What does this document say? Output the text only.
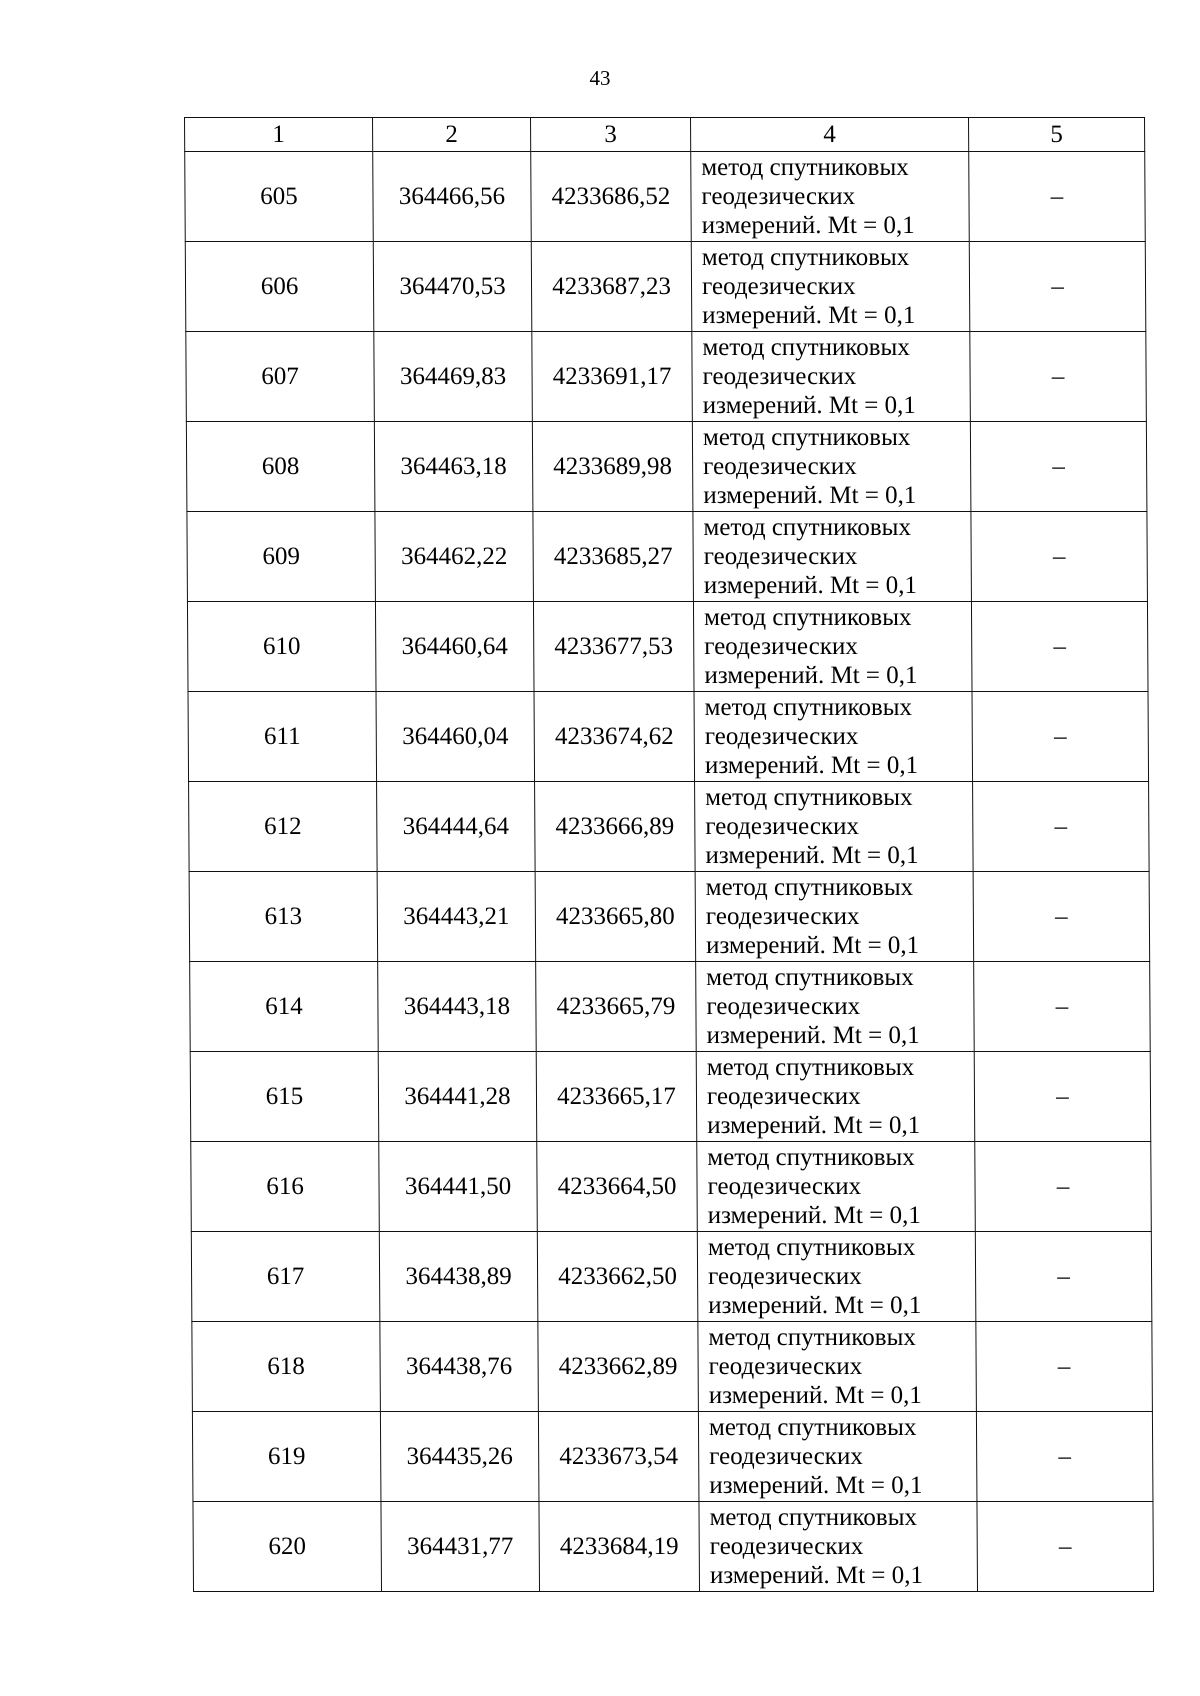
43
1	2	3	4	5
605	364466,56	4233686,52	метод спутниковых
геодезических
измерений. Mt = 0,1	–
606	364470,53	4233687,23	метод спутниковых
геодезических
измерений. Mt = 0,1	–
607	364469,83	4233691,17	метод спутниковых
геодезических
измерений. Mt = 0,1	–
608	364463,18	4233689,98	метод спутниковых
геодезических
измерений. Mt = 0,1	–
609	364462,22	4233685,27	метод спутниковых
геодезических
измерений. Mt = 0,1	–
610	364460,64	4233677,53	метод спутниковых
геодезических
измерений. Mt = 0,1	–
611	364460,04	4233674,62	метод спутниковых
геодезических
измерений. Mt = 0,1	–
612	364444,64	4233666,89	метод спутниковых
геодезических
измерений. Mt = 0,1	–
613	364443,21	4233665,80	метод спутниковых
геодезических
измерений. Mt = 0,1	–
614	364443,18	4233665,79	метод спутниковых
геодезических
измерений. Mt = 0,1	–
615	364441,28	4233665,17	метод спутниковых
геодезических
измерений. Mt = 0,1	–
616	364441,50	4233664,50	метод спутниковых
геодезических
измерений. Mt = 0,1	–
617	364438,89	4233662,50	метод спутниковых
геодезических
измерений. Mt = 0,1	–
618	364438,76	4233662,89	метод спутниковых
геодезических
измерений. Mt = 0,1	–
619	364435,26	4233673,54	метод спутниковых
геодезических
измерений. Mt = 0,1	–
620	364431,77	4233684,19	метод спутниковых
геодезических
измерений. Mt = 0,1	–
